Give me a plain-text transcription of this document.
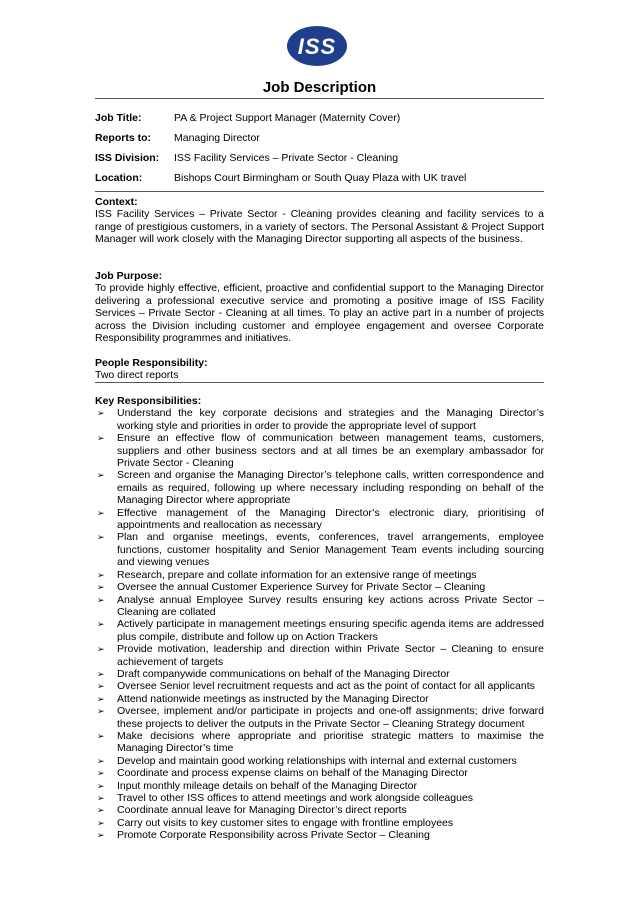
ISS
Job Description
Job Title:	PA & Project Support Manager (Maternity Cover)
Reports to: Managing Director
ISS Division: ISS Facility Services – Private Sector - Cleaning
Location:	Bishops Court Birmingham or South Quay Plaza with UK travel
Context:
ISS Facility Services – Private Sector - Cleaning provides cleaning and facility services to a range of prestigious customers, in a variety of sectors. The Personal Assistant & Project Support Manager will work closely with the Managing Director supporting all aspects of the business.
Job Purpose:
To provide highly effective, efficient, proactive and confidential support to the Managing Director delivering a professional executive service and promoting a positive image of ISS Facility Services – Private Sector - Cleaning at all times. To play an active part in a number of projects across the Division including customer and employee engagement and oversee Corporate Responsibility programmes and initiatives.
People Responsibility:
Two direct reports
Key Responsibilities:
➢ Understand the key corporate decisions and strategies and the Managing Director’s working style and priorities in order to provide the appropriate level of support
➢ Ensure an effective flow of communication between management teams, customers, suppliers and other business sectors and at all times be an exemplary ambassador for Private Sector - Cleaning
➢ Screen and organise the Managing Director’s telephone calls, written correspondence and emails as required, following up where necessary including responding on behalf of the Managing Director where appropriate
➢ Effective management of the Managing Director’s electronic diary, prioritising of appointments and reallocation as necessary
➢ Plan and organise meetings, events, conferences, travel arrangements, employee functions, customer hospitality and Senior Management Team events including sourcing and viewing venues
➢ Research, prepare and collate information for an extensive range of meetings
➢ Oversee the annual Customer Experience Survey for Private Sector – Cleaning
➢ Analyse annual Employee Survey results ensuring key actions across Private Sector – Cleaning are collated
➢ Actively participate in management meetings ensuring specific agenda items are addressed plus compile, distribute and follow up on Action Trackers
➢ Provide motivation, leadership and direction within Private Sector – Cleaning to ensure achievement of targets
➢ Draft companywide communications on behalf of the Managing Director
➢ Oversee Senior level recruitment requests and act as the point of contact for all applicants
➢ Attend nationwide meetings as instructed by the Managing Director
➢ Oversee, implement and/or participate in projects and one-off assignments; drive forward these projects to deliver the outputs in the Private Sector – Cleaning Strategy document
➢ Make decisions where appropriate and prioritise strategic matters to maximise the Managing Director’s time
➢ Develop and maintain good working relationships with internal and external customers
➢ Coordinate and process expense claims on behalf of the Managing Director
➢ Input monthly mileage details on behalf of the Managing Director
➢ Travel to other ISS offices to attend meetings and work alongside colleagues
➢ Coordinate annual leave for Managing Director’s direct reports
➢ Carry out visits to key customer sites to engage with frontline employees
➢ Promote Corporate Responsibility across Private Sector – Cleaning
